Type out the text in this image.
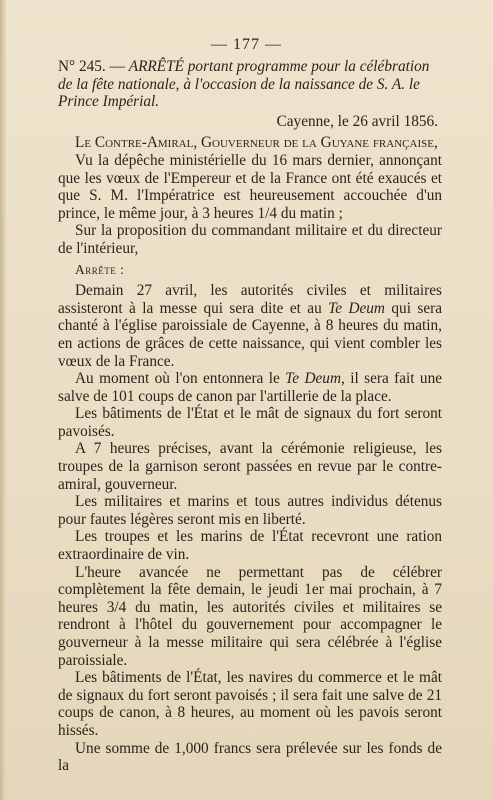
— 177 —

N° 245. — ARRÊTÉ portant programme pour la célébration de la fête nationale, à l'occasion de la naissance de S. A. le Prince Impérial.

Cayenne, le 26 avril 1856.

Le Contre-Amiral, Gouverneur de la Guyane française,

Vu la dépêche ministérielle du 16 mars dernier, annonçant que les vœux de l'Empereur et de la France ont été exaucés et que S. M. l'Impératrice est heureusement accouchée d'un prince, le même jour, à 3 heures 1/4 du matin ;

Sur la proposition du commandant militaire et du directeur de l'intérieur,

Arrête :

Demain 27 avril, les autorités civiles et militaires assisteront à la messe qui sera dite et au Te Deum qui sera chanté à l'église paroissiale de Cayenne, à 8 heures du matin, en actions de grâces de cette naissance, qui vient combler les vœux de la France.

Au moment où l'on entonnera le Te Deum, il sera fait une salve de 101 coups de canon par l'artillerie de la place.

Les bâtiments de l'État et le mât de signaux du fort seront pavoisés.

A 7 heures précises, avant la cérémonie religieuse, les troupes de la garnison seront passées en revue par le contre-amiral, gouverneur.

Les militaires et marins et tous autres individus détenus pour fautes légères seront mis en liberté.

Les troupes et les marins de l'État recevront une ration extraordinaire de vin.

L'heure avancée ne permettant pas de célébrer complètement la fête demain, le jeudi 1er mai prochain, à 7 heures 3/4 du matin, les autorités civiles et militaires se rendront à l'hôtel du gouvernement pour accompagner le gouverneur à la messe militaire qui sera célébrée à l'église paroissiale.

Les bâtiments de l'État, les navires du commerce et le mât de signaux du fort seront pavoisés ; il sera fait une salve de 21 coups de canon, à 8 heures, au moment où les pavois seront hissés.

Une somme de 1,000 francs sera prélevée sur les fonds de la
